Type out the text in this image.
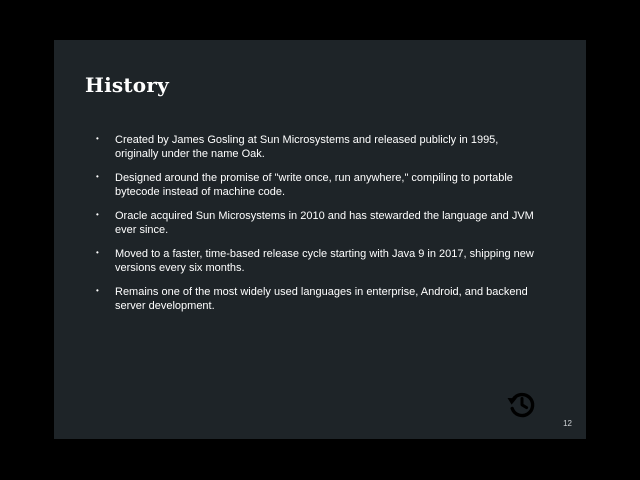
History
• Created by James Gosling at Sun Microsystems and released publicly in 1995, originally under the name Oak.
• Designed around the promise of "write once, run anywhere," compiling to portable bytecode instead of machine code.
• Oracle acquired Sun Microsystems in 2010 and has stewarded the language and JVM ever since.
• Moved to a faster, time-based release cycle starting with Java 9 in 2017, shipping new versions every six months.
• Remains one of the most widely used languages in enterprise, Android, and backend server development.
12
